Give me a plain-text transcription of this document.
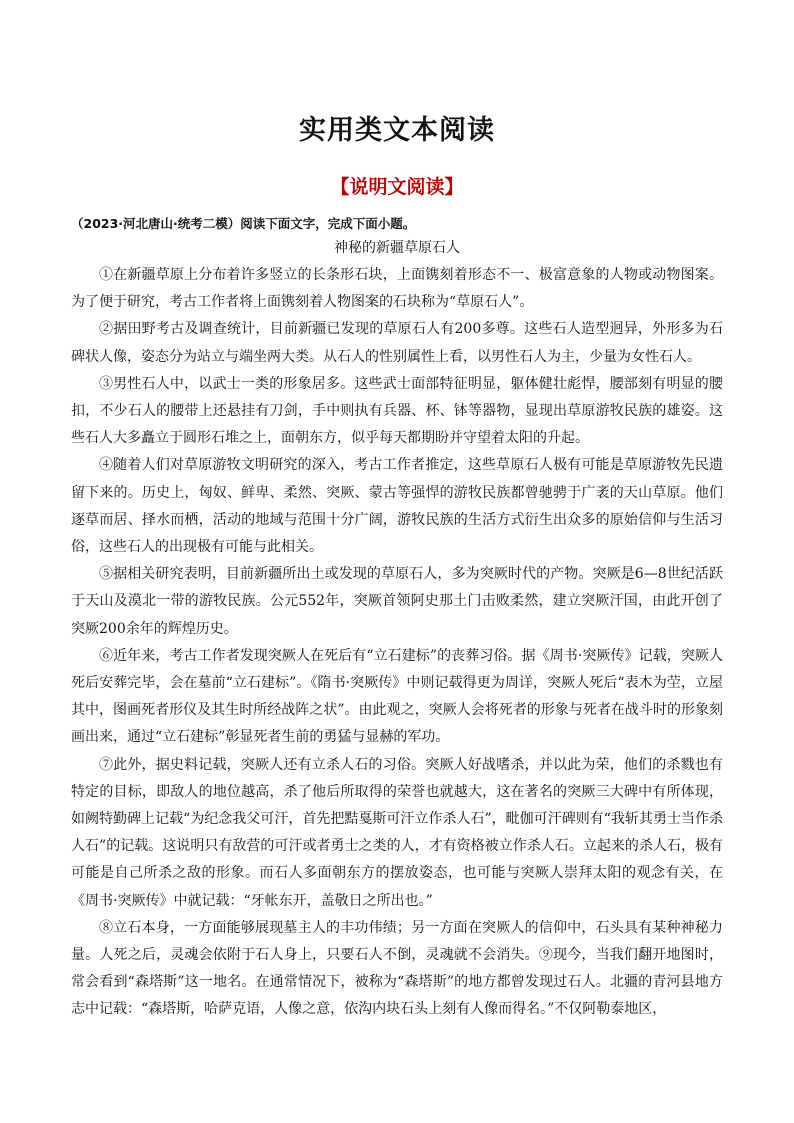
实用类文本阅读
【说明文阅读】

（2023·河北唐山·统考二模）阅读下面文字，完成下面小题。

神秘的新疆草原石人

①在新疆草原上分布着许多竖立的长条形石块，上面镌刻着形态不一、极富意象的人物或动物图案。为了便于研究，考古工作者将上面镌刻着人物图案的石块称为“草原石人”。

②据田野考古及调查统计，目前新疆已发现的草原石人有200多尊。这些石人造型迥异，外形多为石碑状人像，姿态分为站立与端坐两大类。从石人的性别属性上看，以男性石人为主，少量为女性石人。

③男性石人中，以武士一类的形象居多。这些武士面部特征明显，躯体健壮彪悍，腰部刻有明显的腰扣，不少石人的腰带上还悬挂有刀剑，手中则执有兵器、杯、钵等器物，显现出草原游牧民族的雄姿。这些石人大多矗立于圆形石堆之上，面朝东方，似乎每天都期盼并守望着太阳的升起。

④随着人们对草原游牧文明研究的深入，考古工作者推定，这些草原石人极有可能是草原游牧先民遗留下来的。历史上，匈奴、鲜卑、柔然、突厥、蒙古等强悍的游牧民族都曾驰骋于广袤的天山草原。他们逐草而居、择水而栖，活动的地域与范围十分广阔，游牧民族的生活方式衍生出众多的原始信仰与生活习俗，这些石人的出现极有可能与此相关。

⑤据相关研究表明，目前新疆所出土或发现的草原石人，多为突厥时代的产物。突厥是6—8世纪活跃于天山及漠北一带的游牧民族。公元552年，突厥首领阿史那土门击败柔然，建立突厥汗国，由此开创了突厥200余年的辉煌历史。

⑥近年来，考古工作者发现突厥人在死后有“立石建标”的丧葬习俗。据《周书·突厥传》记载，突厥人死后安葬完毕，会在墓前“立石建标”。《隋书·突厥传》中则记载得更为周详，突厥人死后“表木为茔，立屋其中，图画死者形仪及其生时所经战阵之状”。由此观之，突厥人会将死者的形象与死者在战斗时的形象刻画出来，通过“立石建标”彰显死者生前的勇猛与显赫的军功。

⑦此外，据史料记载，突厥人还有立杀人石的习俗。突厥人好战嗜杀，并以此为荣，他们的杀戮也有特定的目标，即敌人的地位越高，杀了他后所取得的荣誉也就越大，这在著名的突厥三大碑中有所体现，如阙特勤碑上记载“为纪念我父可汗，首先把黠戛斯可汗立作杀人石”，毗伽可汗碑则有“我斩其勇士当作杀人石”的记载。这说明只有敌营的可汗或者勇士之类的人，才有资格被立作杀人石。立起来的杀人石，极有可能是自己所杀之敌的形象。而石人多面朝东方的摆放姿态，也可能与突厥人崇拜太阳的观念有关，在《周书·突厥传》中就记载：“牙帐东开，盖敬日之所出也。”

⑧立石本身，一方面能够展现墓主人的丰功伟绩；另一方面在突厥人的信仰中，石头具有某种神秘力量。人死之后，灵魂会依附于石人身上，只要石人不倒，灵魂就不会消失。⑨现今，当我们翻开地图时，常会看到“森塔斯”这一地名。在通常情况下，被称为“森塔斯”的地方都曾发现过石人。北疆的青河县地方志中记载：“森塔斯，哈萨克语，人像之意，依沟内块石头上刻有人像而得名。”不仅阿勒泰地区，
